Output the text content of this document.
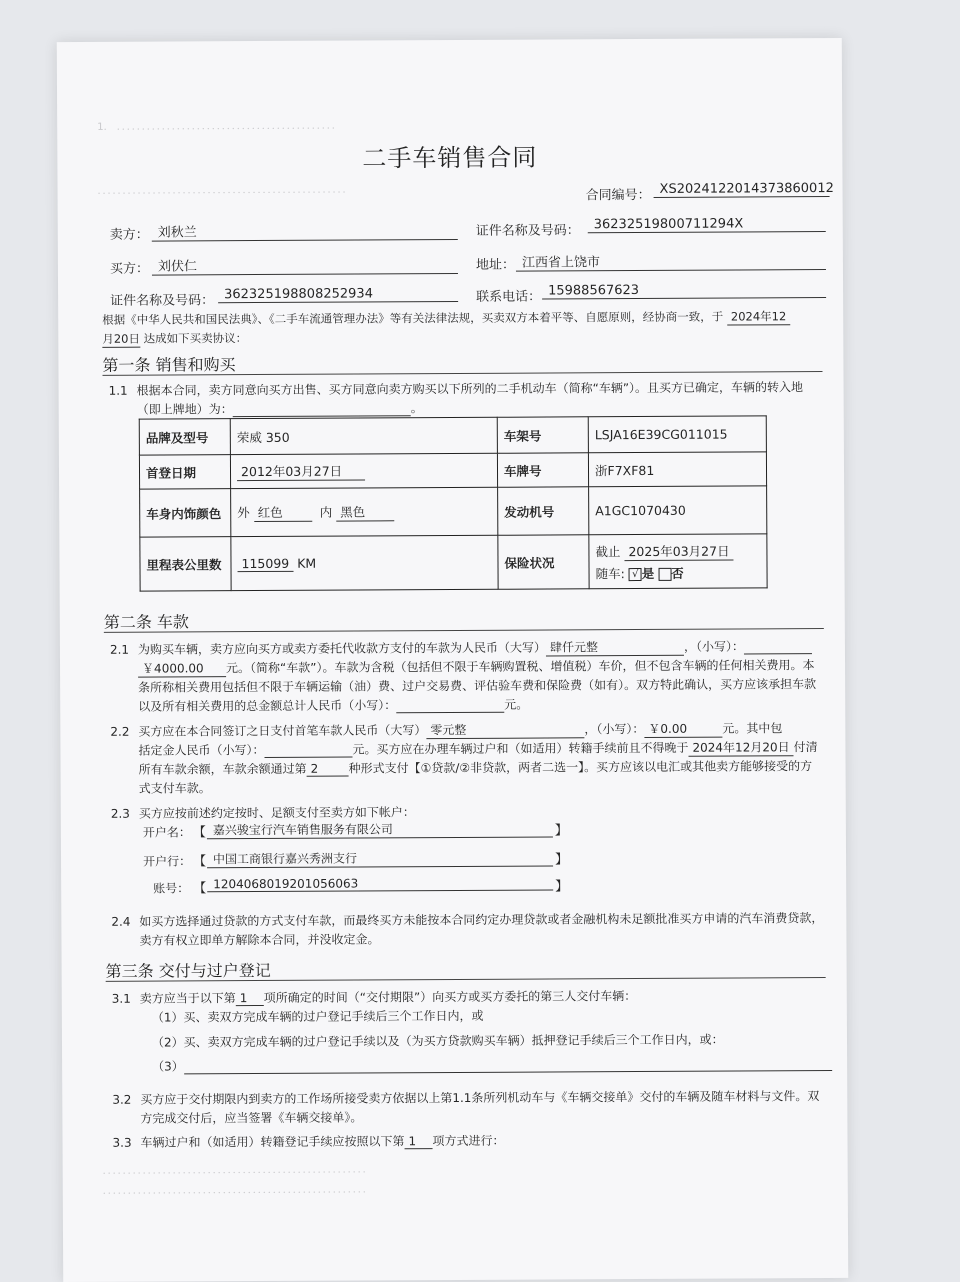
1． ．．．．．．．．．．．．．．．．．．．．．．．．．．．．．．．．．．．．．．．．．．．．
．．．．．．．．．．．．．．．．．．．．．．．．．．．．．．．．．．．．．．．．．．．．．．．．．．
二手车销售合同
合同编号： XS2024122014373860012
卖方： 刘秋兰	证件名称及号码：	36232519800711294X
买方： 刘伏仁	地址： 江西省上饶市
证件名称及号码： 362325198808252934	联系电话： 15988567623
根据《中华人民共和国民法典》、《二手车流通管理办法》等有关法律法规，买卖双方本着平等、自愿原则，经协商一致，于 2024年12
月20日 达成如下买卖协议：
第一条 销售和购买
1.1 根据本合同，卖方同意向买方出售、买方同意向卖方购买以下所列的二手机动车（简称“车辆”）。且买方已确定，车辆的转入地
（即上牌地）为：	。
品牌及型号	荣威 350	车架号	LSJA16E39CG011015
首登日期	2012年03月27日	车牌号	浙F7XF81
车身内饰颜色	外 红色 内 黑色	发动机号	A1GC1070430
里程表公里数	115099 KM	保险状况	截止 2025年03月27日
随车: √ 是 否
第二条 车款
2.1 为购买车辆，卖方应向买方或卖方委托代收款方支付的车款为人民币（大写） 肆仟元整	，（小写）：
￥4000.00 元。（简称“车款”）。车款为含税（包括但不限于车辆购置税、增值税）车价，但不包含车辆的任何相关费用。本
条所称相关费用包括但不限于车辆运输（油）费、过户交易费、评估验车费和保险费（如有）。双方特此确认，买方应该承担车款
以及所有相关费用的总金额总计人民币（小写）：	元。
2.2 买方应在本合同签订之日支付首笔车款人民币（大写） 零元整	，（小写）： ￥0.00	元。其中包
括定金人民币（小写）：	元。买方应在办理车辆过户和（如适用）转籍手续前且不得晚于 2024年12月20日 付清
所有车款余额，车款余额通过第 2	种形式支付【①贷款/②非贷款，两者二选一】。买方应该以电汇或其他卖方能够接受的方
式支付车款。
2.3 买方应按前述约定按时、足额支付至卖方如下帐户：
开户名： 【 嘉兴骏宝行汽车销售服务有限公司	】
开户行： 【 中国工商银行嘉兴秀洲支行	】
账号： 【 1204068019201056063	】
2.4 如买方选择通过贷款的方式支付车款，而最终买方未能按本合同约定办理贷款或者金融机构未足额批准买方申请的汽车消费贷款，
卖方有权立即单方解除本合同，并没收定金。
第三条 交付与过户登记
3.1 卖方应当于以下第 1 项所确定的时间（“交付期限”）向买方或买方委托的第三人交付车辆：
（1）买、卖双方完成车辆的过户登记手续后三个工作日内，或
（2）买、卖双方完成车辆的过户登记手续以及（为买方贷款购买车辆）抵押登记手续后三个工作日内，或：
（3）
3.2 买方应于交付期限内到卖方的工作场所接受卖方依据以上第1.1条所列机动车与《车辆交接单》交付的车辆及随车材料与文件。双
方完成交付后，应当签署《车辆交接单》。
3.3 车辆过户和（如适用）转籍登记手续应按照以下第 1 项方式进行：
．．．．．．．．．．．．．．．．．．．．．．．．．．．．．．．．．．．．．．．．．．．．．．．．．．．．．
．．．．．．．．．．．．．．．．．．．．．．．．．．．．．．．．．．．．．．．．．．．．．．．．．．．．．
